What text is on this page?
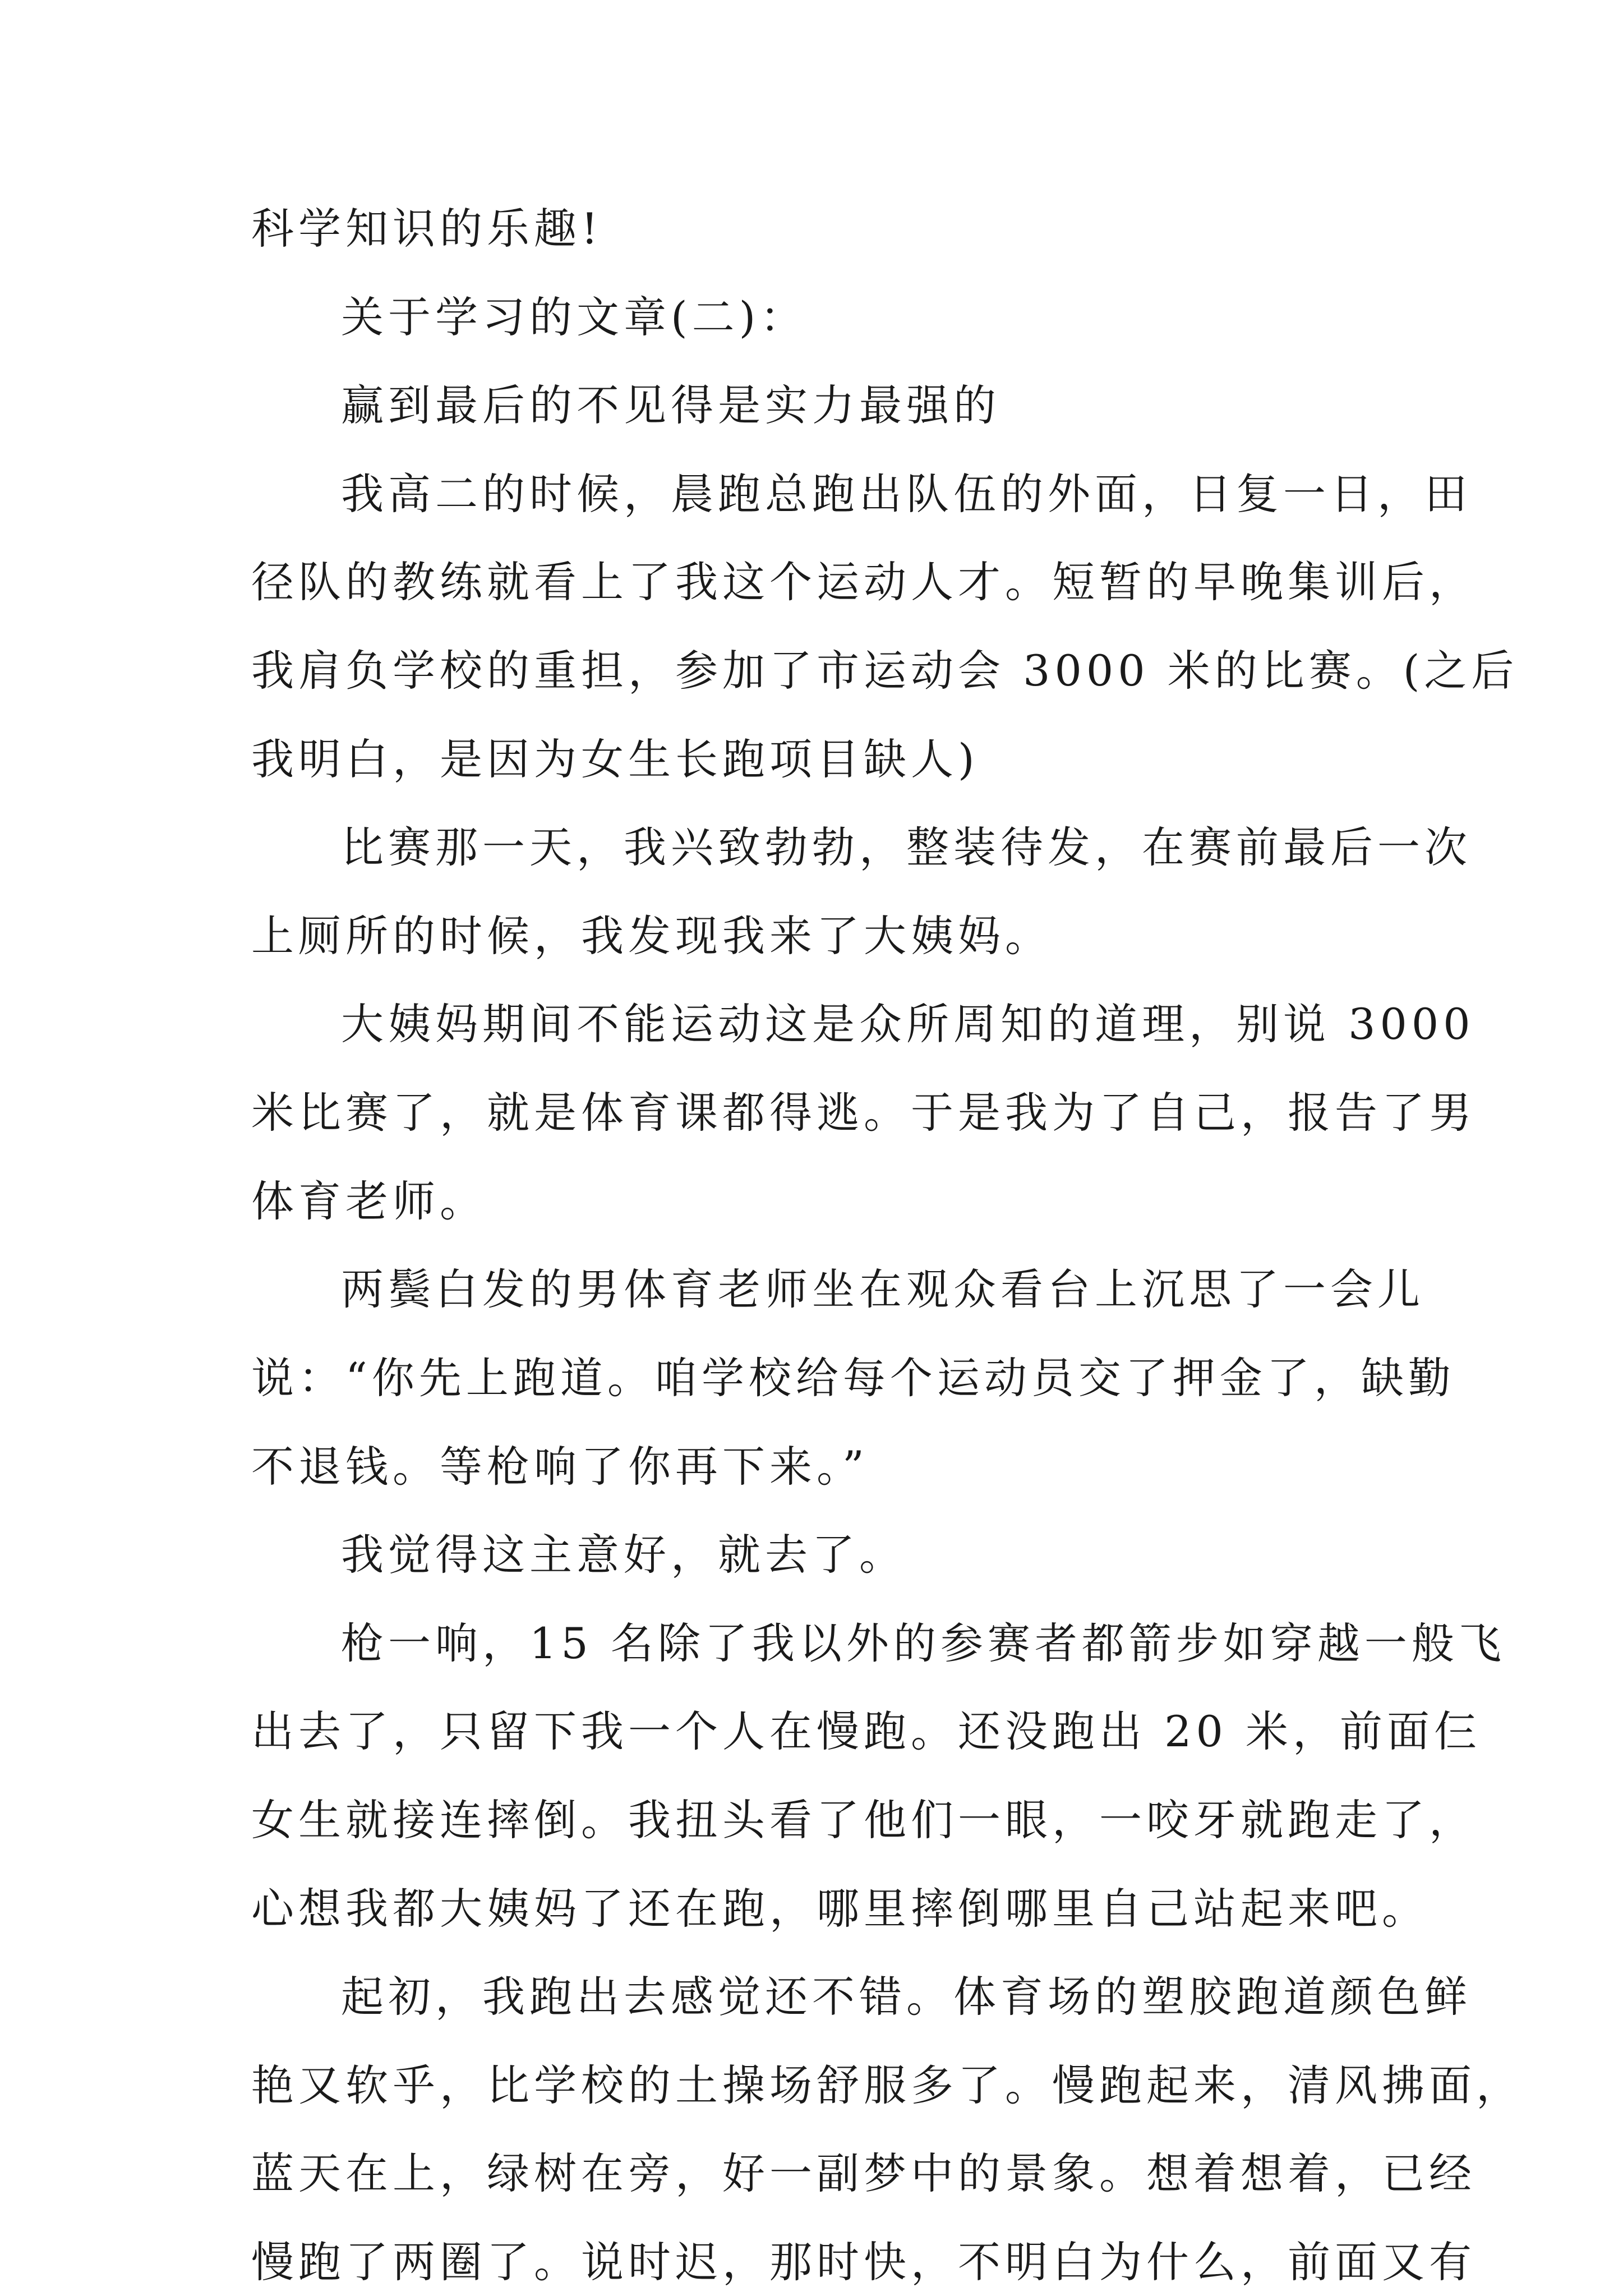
科学知识的乐趣!
关于学习的文章(二)：
赢到最后的不见得是实力最强的
我高二的时候，晨跑总跑出队伍的外面，日复一日，田
径队的教练就看上了我这个运动人才。短暂的早晚集训后，
我肩负学校的重担，参加了市运动会 3000 米的比赛。(之后
我明白，是因为女生长跑项目缺人)
比赛那一天，我兴致勃勃，整装待发，在赛前最后一次
上厕所的时候，我发现我来了大姨妈。
大姨妈期间不能运动这是众所周知的道理，别说 3000
米比赛了，就是体育课都得逃。于是我为了自己，报告了男
体育老师。
两鬓白发的男体育老师坐在观众看台上沉思了一会儿
说：“你先上跑道。咱学校给每个运动员交了押金了，缺勤
不退钱。等枪响了你再下来。”
我觉得这主意好，就去了。
枪一响，15 名除了我以外的参赛者都箭步如穿越一般飞
出去了，只留下我一个人在慢跑。还没跑出 20 米，前面仨
女生就接连摔倒。我扭头看了他们一眼，一咬牙就跑走了，
心想我都大姨妈了还在跑，哪里摔倒哪里自己站起来吧。
起初，我跑出去感觉还不错。体育场的塑胶跑道颜色鲜
艳又软乎，比学校的土操场舒服多了。慢跑起来，清风拂面，
蓝天在上，绿树在旁，好一副梦中的景象。想着想着，已经
慢跑了两圈了。说时迟，那时快，不明白为什么，前面又有
